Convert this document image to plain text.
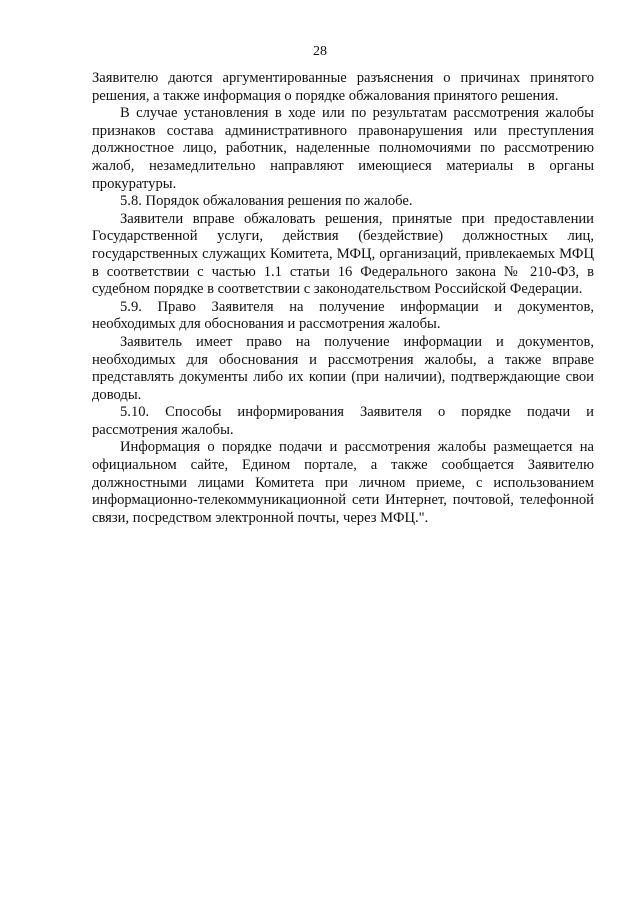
28

Заявителю даются аргументированные разъяснения о причинах принятого решения, а также информация о порядке обжалования принятого решения.

В случае установления в ходе или по результатам рассмотрения жалобы признаков состава административного правонарушения или преступления должностное лицо, работник, наделенные полномочиями по рассмотрению жалоб, незамедлительно направляют имеющиеся материалы в органы прокуратуры.

5.8. Порядок обжалования решения по жалобе.

Заявители вправе обжаловать решения, принятые при предоставлении Государственной услуги, действия (бездействие) должностных лиц, государственных служащих Комитета, МФЦ, организаций, привлекаемых МФЦ в соответствии с частью 1.1 статьи 16 Федерального закона № 210-ФЗ, в судебном порядке в соответствии с законодательством Российской Федерации.

5.9. Право Заявителя на получение информации и документов, необходимых для обоснования и рассмотрения жалобы.

Заявитель имеет право на получение информации и документов, необходимых для обоснования и рассмотрения жалобы, а также вправе представлять документы либо их копии (при наличии), подтверждающие свои доводы.

5.10. Способы информирования Заявителя о порядке подачи и рассмотрения жалобы.

Информация о порядке подачи и рассмотрения жалобы размещается на официальном сайте, Едином портале, а также сообщается Заявителю должностными лицами Комитета при личном приеме, с использованием информационно-телекоммуникационной сети Интернет, почтовой, телефонной связи, посредством электронной почты, через МФЦ.".
